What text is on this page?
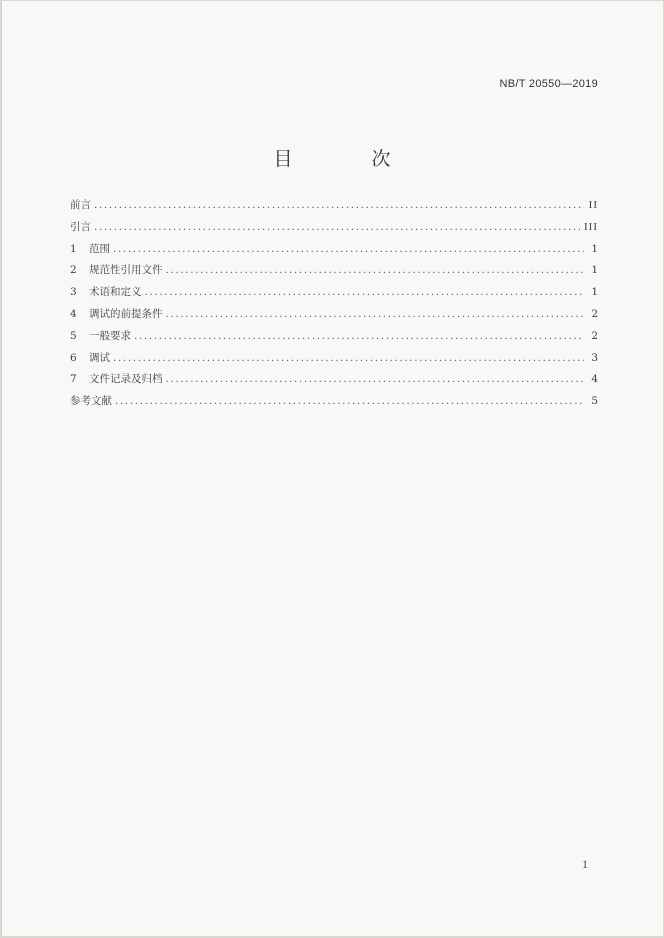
NB/T 20550—2019
目　次
前言 .....	II
引言 .....	III
1	范围 .....	1
2	规范性引用文件 .....	1
3	术语和定义 .....	1
4	调试的前提条件 .....	2
5	一般要求 .....	2
6	调试 .....	3
7	文件记录及归档 .....	4
参考文献 .....	5
1
